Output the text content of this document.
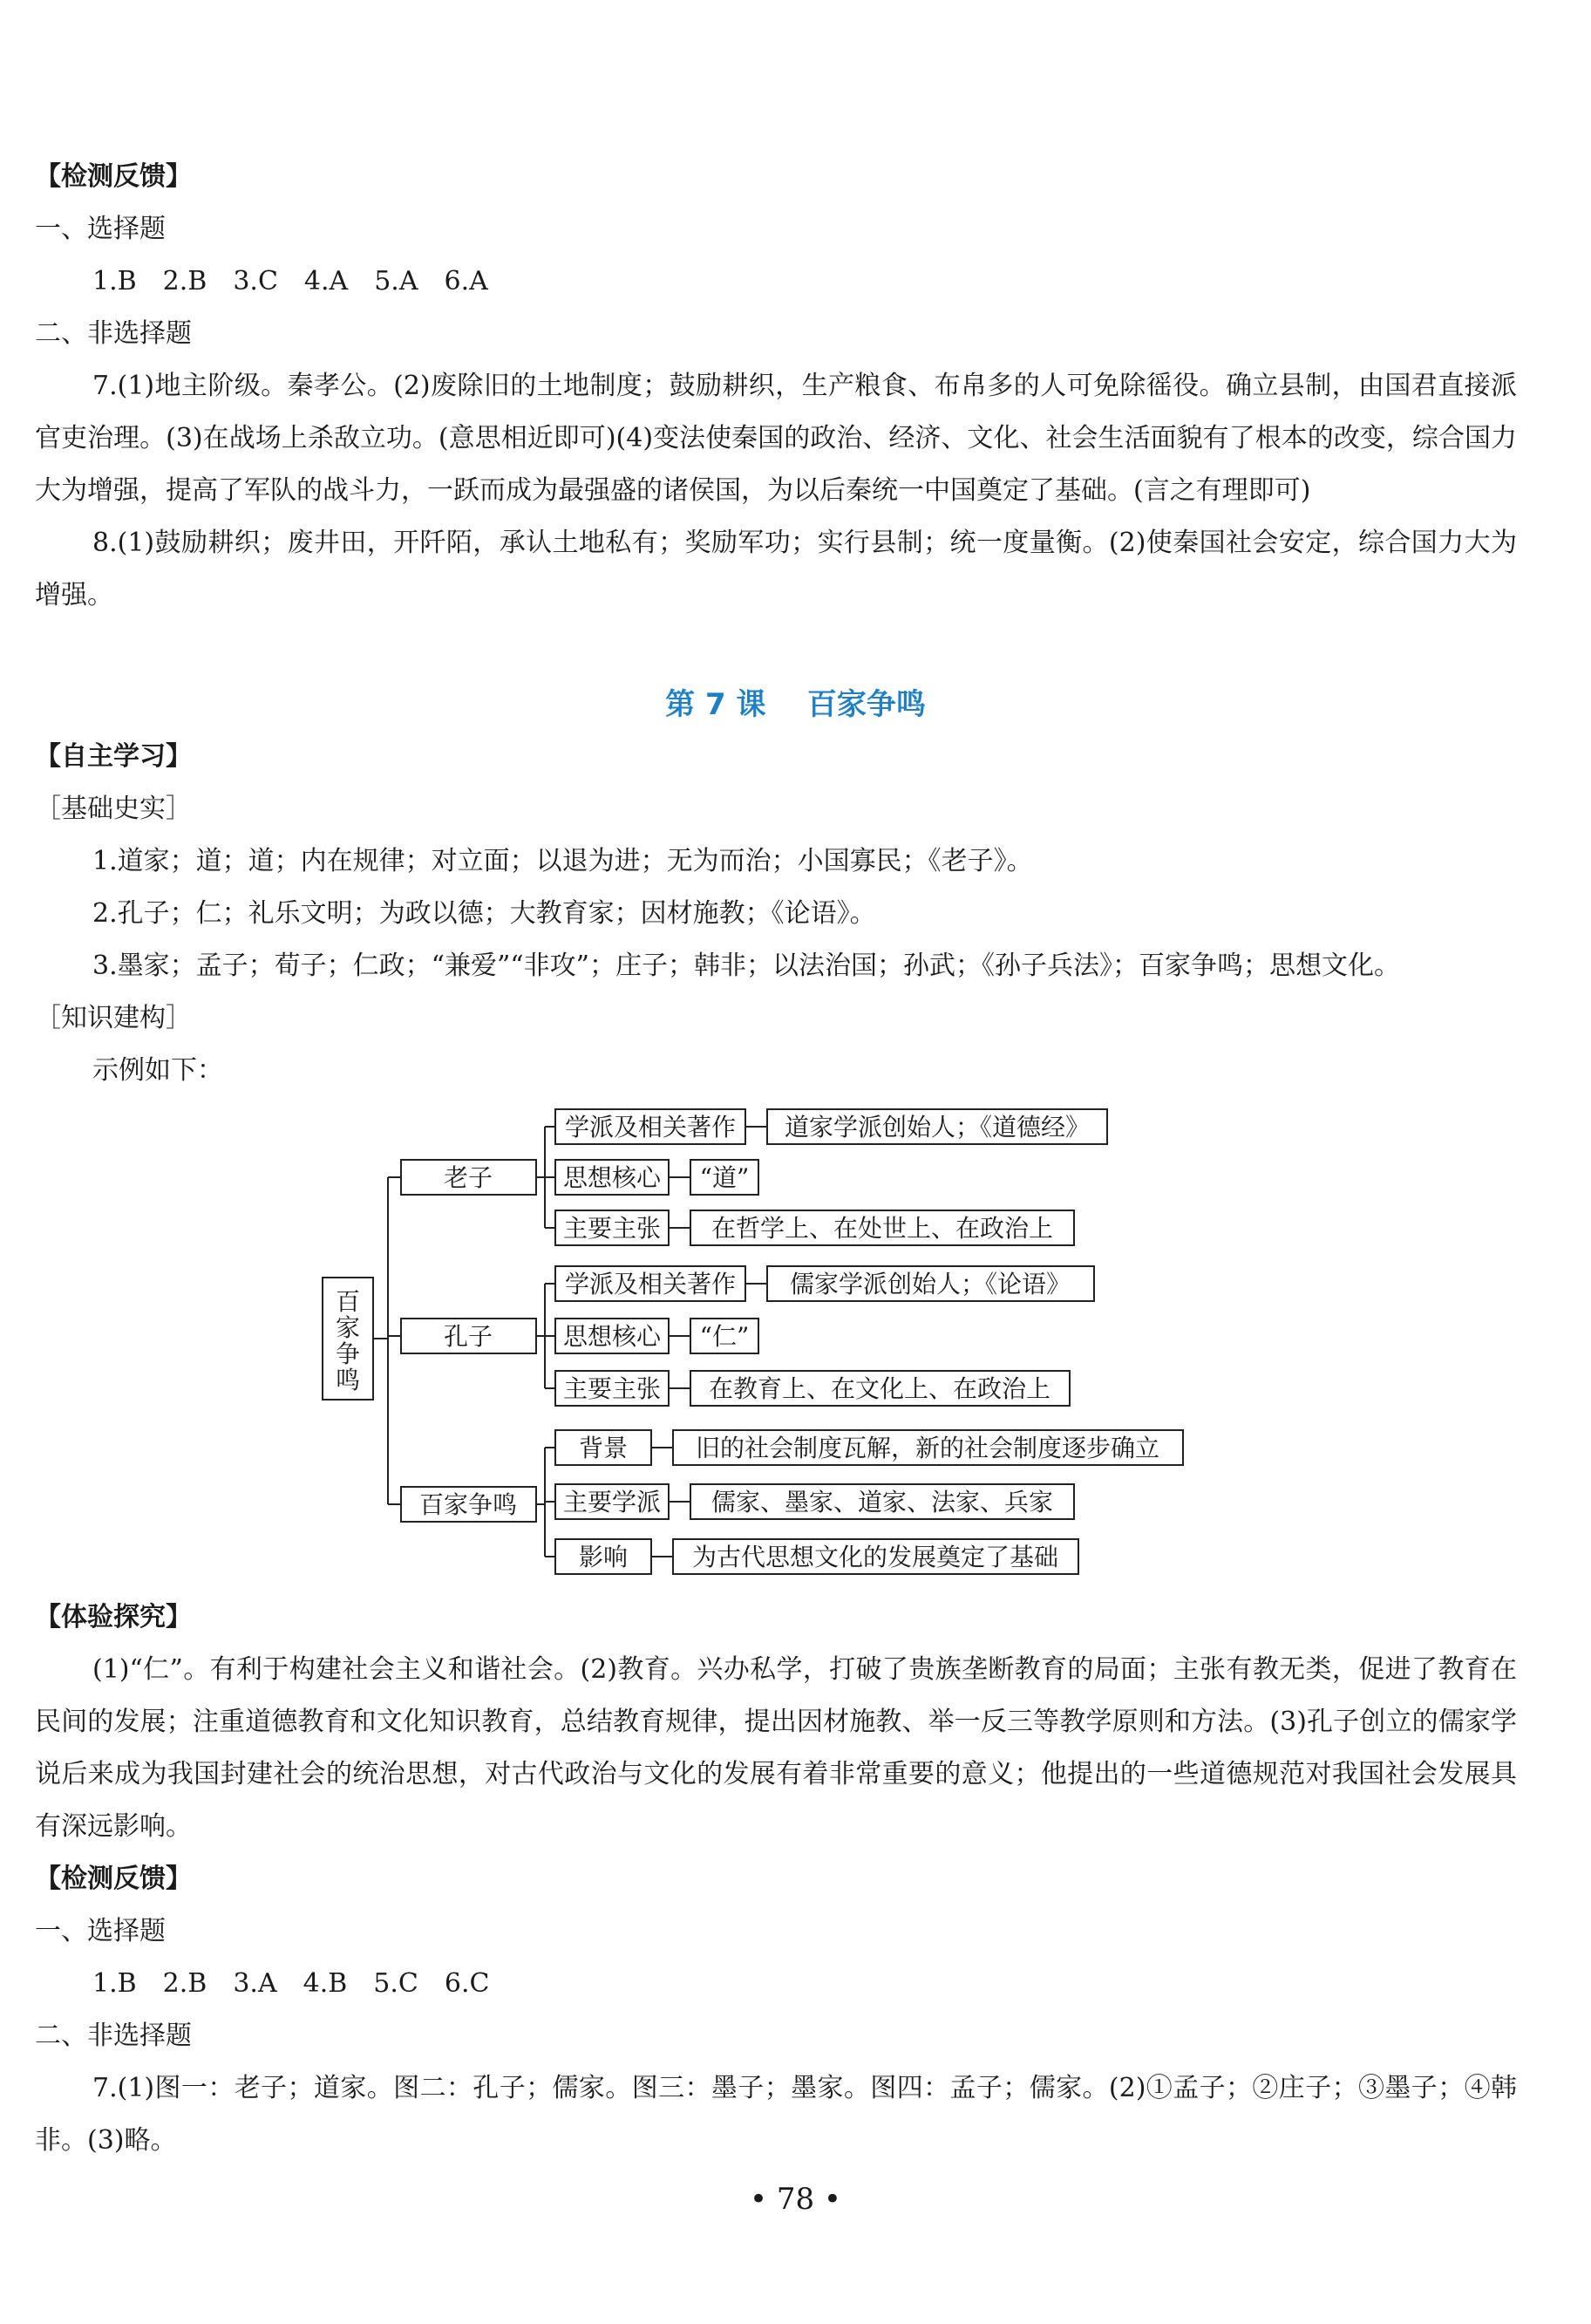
【检测反馈】
一、选择题
1.B　2.B　3.C　4.A　5.A　6.A
二、非选择题
7.(1)地主阶级。秦孝公。(2)废除旧的土地制度；鼓励耕织，生产粮食、布帛多的人可免除徭役。确立县制，由国君直接派官吏治理。(3)在战场上杀敌立功。(意思相近即可)(4)变法使秦国的政治、经济、文化、社会生活面貌有了根本的改变，综合国力大为增强，提高了军队的战斗力，一跃而成为最强盛的诸侯国，为以后秦统一中国奠定了基础。(言之有理即可)
8.(1)鼓励耕织；废井田，开阡陌，承认土地私有；奖励军功；实行县制；统一度量衡。(2)使秦国社会安定，综合国力大为增强。
第 7 课 百家争鸣
【自主学习】
［基础史实］
1.道家；道；道；内在规律；对立面；以退为进；无为而治；小国寡民；《老子》。
2.孔子；仁；礼乐文明；为政以德；大教育家；因材施教；《论语》。
3.墨家；孟子；荀子；仁政；“兼爱”“非攻”；庄子；韩非；以法治国；孙武；《孙子兵法》；百家争鸣；思想文化。
［知识建构］
示例如下：
百
家
争
鸣
老子
学派及相关著作 道家学派创始人；《道德经》
思想核心 “道”
主要主张 在哲学上、在处世上、在政治上
孔子
学派及相关著作 儒家学派创始人；《论语》
思想核心 “仁”
主要主张 在教育上、在文化上、在政治上
百家争鸣
背景	旧的社会制度瓦解，新的社会制度逐步确立
主要学派 儒家、墨家、道家、法家、兵家
影响	为古代思想文化的发展奠定了基础
【体验探究】
(1)“仁”。有利于构建社会主义和谐社会。(2)教育。兴办私学，打破了贵族垄断教育的局面；主张有教无类，促进了教育在民间的发展；注重道德教育和文化知识教育，总结教育规律，提出因材施教、举一反三等教学原则和方法。(3)孔子创立的儒家学说后来成为我国封建社会的统治思想，对古代政治与文化的发展有着非常重要的意义；他提出的一些道德规范对我国社会发展具有深远影响。
【检测反馈】
一、选择题
1.B　2.B　3.A　4.B　5.C　6.C
二、非选择题
7.(1)图一：老子；道家。图二：孔子；儒家。图三：墨子；墨家。图四：孟子；儒家。(2)①孟子；②庄子；③墨子；④韩非。(3)略。
• 78 •
